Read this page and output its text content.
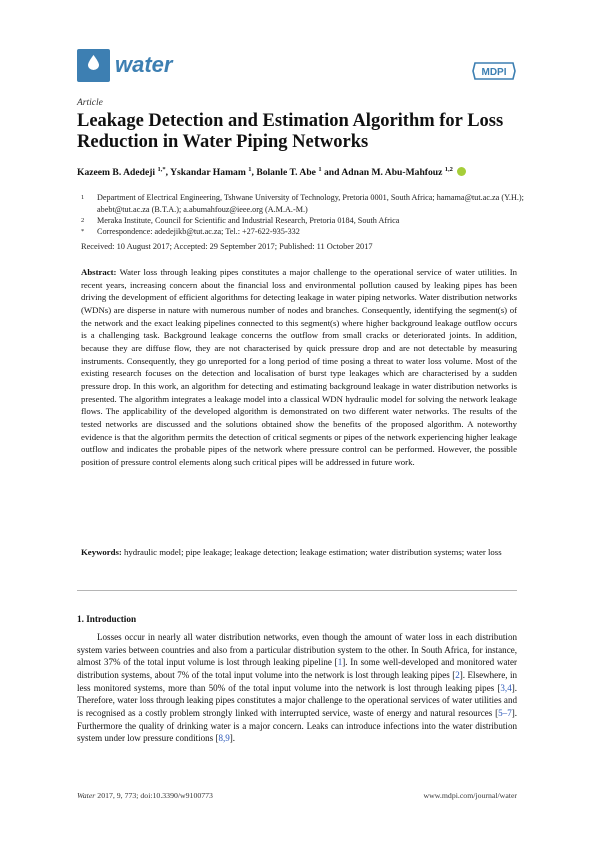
water	MDPI
Article
Leakage Detection and Estimation Algorithm for Loss Reduction in Water Piping Networks
Kazeem B. Adedeji $^{1,*}$, Yskandar Hamam $^1$, Bolanle T. Abe $^1$ and Adnan M. Abu-Mahfouz $^{1,2}$
1 Department of Electrical Engineering, Tshwane University of Technology, Pretoria 0001, South Africa; hamama@tut.ac.za (Y.H.); abebt@tut.ac.za (B.T.A.); a.abumahfouz@ieee.org (A.M.A.-M.)
2 Meraka Institute, Council for Scientific and Industrial Research, Pretoria 0184, South Africa
* Correspondence: adedejikb@tut.ac.za; Tel.: +27-622-935-332
Received: 10 August 2017; Accepted: 29 September 2017; Published: 11 October 2017
Abstract: Water loss through leaking pipes constitutes a major challenge to the operational service of water utilities. In recent years, increasing concern about the financial loss and environmental pollution caused by leaking pipes has been driving the development of efficient algorithms for detecting leakage in water piping networks. Water distribution networks (WDNs) are disperse in nature with numerous number of nodes and branches. Consequently, identifying the segment(s) of the network and the exact leaking pipelines connected to this segment(s) where higher background leakage outflow occurs is a challenging task. Background leakage concerns the outflow from small cracks or deteriorated joints. In addition, because they are diffuse flow, they are not characterised by quick pressure drop and are not detectable by measuring instruments. Consequently, they go unreported for a long period of time posing a threat to water loss volume. Most of the existing research focuses on the detection and localisation of burst type leakages which are characterised by a sudden pressure drop. In this work, an algorithm for detecting and estimating background leakage in water distribution networks is presented. The algorithm integrates a leakage model into a classical WDN hydraulic model for solving the network leakage flows. The applicability of the developed algorithm is demonstrated on two different water networks. The results of the tested networks are discussed and the solutions obtained show the benefits of the proposed algorithm. A noteworthy evidence is that the algorithm permits the detection of critical segments or pipes of the network experiencing higher leakage outflow and indicates the probable pipes of the network where pressure control can be performed. However, the possible position of pressure control elements along such critical pipes will be addressed in future work.
Keywords: hydraulic model; pipe leakage; leakage detection; leakage estimation; water distribution systems; water loss
1. Introduction
Losses occur in nearly all water distribution networks, even though the amount of water loss in each distribution system varies between countries and also from a particular distribution system to the other. In South Africa, for instance, almost 37% of the total input volume is lost through leaking pipeline [1]. In some well-developed and monitored water distribution systems, about 7% of the total input volume into the network is lost through leaking pipes [2]. Elsewhere, in less monitored systems, more than 50% of the total input volume into the network is lost through leaking pipes [3,4]. Therefore, water loss through leaking pipes constitutes a major challenge to the operational services of water utilities and is recognised as a costly problem strongly linked with interrupted service, waste of energy and natural resources [5–7]. Furthermore the quality of drinking water is a major concern. Leaks can introduce infections into the water distribution system under low pressure conditions [8,9].
Water 2017, 9, 773; doi:10.3390/w9100773	www.mdpi.com/journal/water
